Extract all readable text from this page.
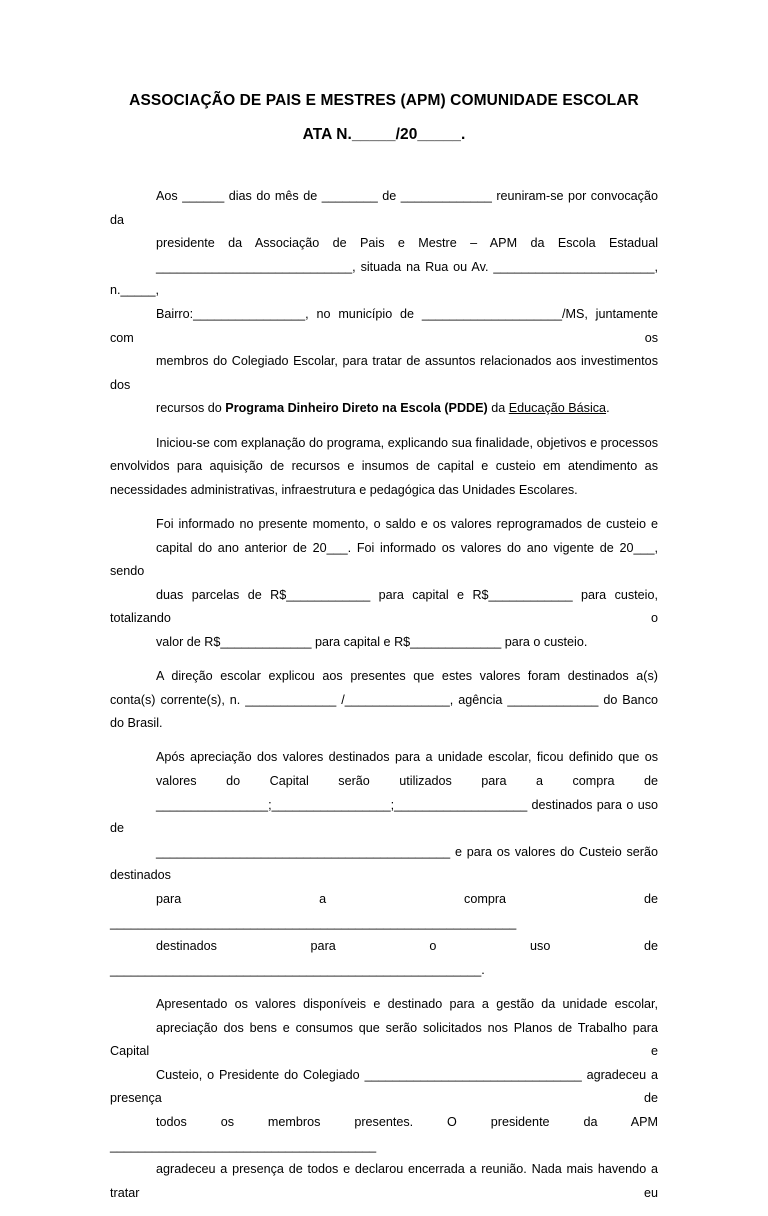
ASSOCIAÇÃO DE PAIS E MESTRES (APM) COMUNIDADE ESCOLAR
ATA N._____/20_____.

Aos ______ dias do mês de ________ de _____________ reuniram-se por convocação da
presidente da Associação de Pais e Mestre – APM da Escola Estadual
____________________________, situada na Rua ou Av. _______________________, n._____,
Bairro:________________, no município de ____________________/MS, juntamente com os
membros do Colegiado Escolar, para tratar de assuntos relacionados aos investimentos dos
recursos do Programa Dinheiro Direto na Escola (PDDE) da Educação Básica.

Iniciou-se com explanação do programa, explicando sua finalidade, objetivos e processos envolvidos para aquisição de recursos e insumos de capital e custeio em atendimento as necessidades administrativas, infraestrutura e pedagógica das Unidades Escolares.

Foi informado no presente momento, o saldo e os valores reprogramados de custeio e
capital do ano anterior de 20___. Foi informado os valores do ano vigente de 20___, sendo
duas parcelas de R$____________ para capital e R$____________ para custeio, totalizando o
valor de R$_____________ para capital e R$_____________ para o custeio.

A direção escolar explicou aos presentes que estes valores foram destinados a(s) conta(s) corrente(s), n. _____________ /_______________, agência _____________ do Banco do Brasil.

Após apreciação dos valores destinados para a unidade escolar, ficou definido que os
valores do Capital serão utilizados para a compra de
________________;_________________;___________________ destinados para o uso de
__________________________________________ e para os valores do Custeio serão destinados
para a compra de __________________________________________________________
destinados para o uso de _____________________________________________________.

Apresentado os valores disponíveis e destinado para a gestão da unidade escolar,
apreciação dos bens e consumos que serão solicitados nos Planos de Trabalho para Capital e
Custeio, o Presidente do Colegiado _______________________________ agradeceu a presença de
todos os membros presentes. O presidente da APM ______________________________________
agradeceu a presença de todos e declarou encerrada a reunião. Nada mais havendo a tratar eu
